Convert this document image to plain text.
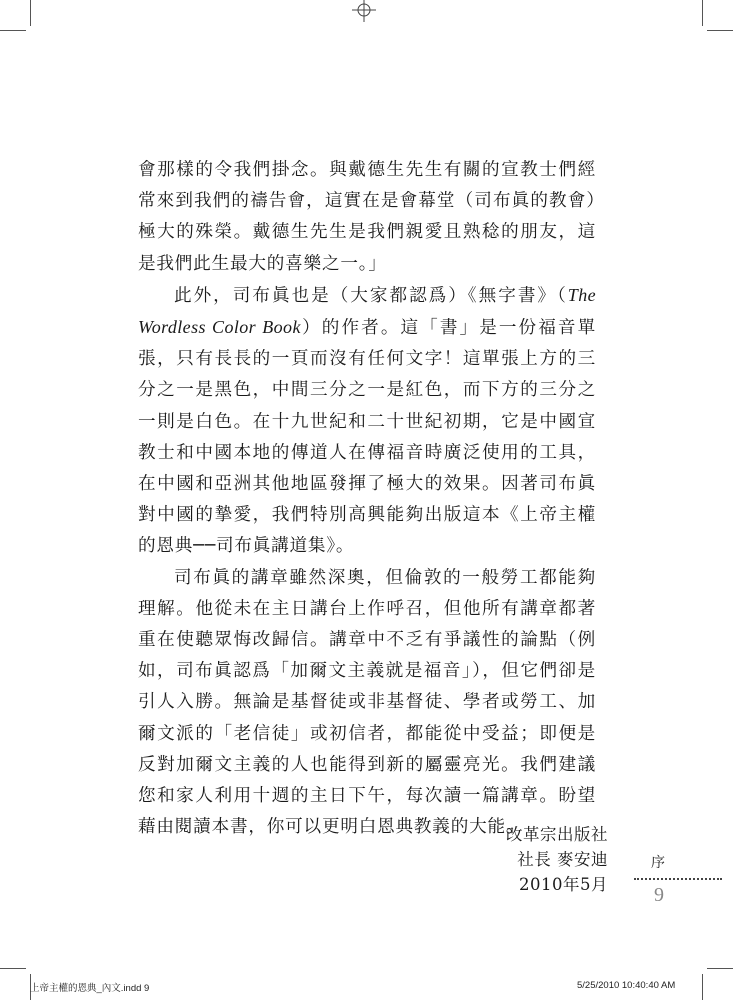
會那樣的令我們掛念。與戴德生先生有關的宣教士們經常來到我們的禱告會，這實在是會幕堂（司布眞的教會）極大的殊榮。戴德生先生是我們親愛且熟稔的朋友，這是我們此生最大的喜樂之一。」

此外，司布眞也是（大家都認爲）《無字書》（The Wordless Color Book）的作者。這「書」是一份福音單張，只有長長的一頁而沒有任何文字！這單張上方的三分之一是黑色，中間三分之一是紅色，而下方的三分之一則是白色。在十九世紀和二十世紀初期，它是中國宣教士和中國本地的傳道人在傳福音時廣泛使用的工具，在中國和亞洲其他地區發揮了極大的效果。因著司布眞對中國的摯愛，我們特別高興能夠出版這本《上帝主權的恩典──司布眞講道集》。

司布眞的講章雖然深奧，但倫敦的一般勞工都能夠理解。他從未在主日講台上作呼召，但他所有講章都著重在使聽眾悔改歸信。講章中不乏有爭議性的論點（例如，司布眞認爲「加爾文主義就是福音」），但它們卻是引人入勝。無論是基督徒或非基督徒、學者或勞工、加爾文派的「老信徒」或初信者，都能從中受益；即便是反對加爾文主義的人也能得到新的屬靈亮光。我們建議您和家人利用十週的主日下午，每次讀一篇講章。盼望藉由閱讀本書，你可以更明白恩典教義的大能。

改革宗出版社
社長 麥安迪
2010年5月
序
9
上帝主權的恩典_內文.indd 9	5/25/2010 10:40:40 AM
